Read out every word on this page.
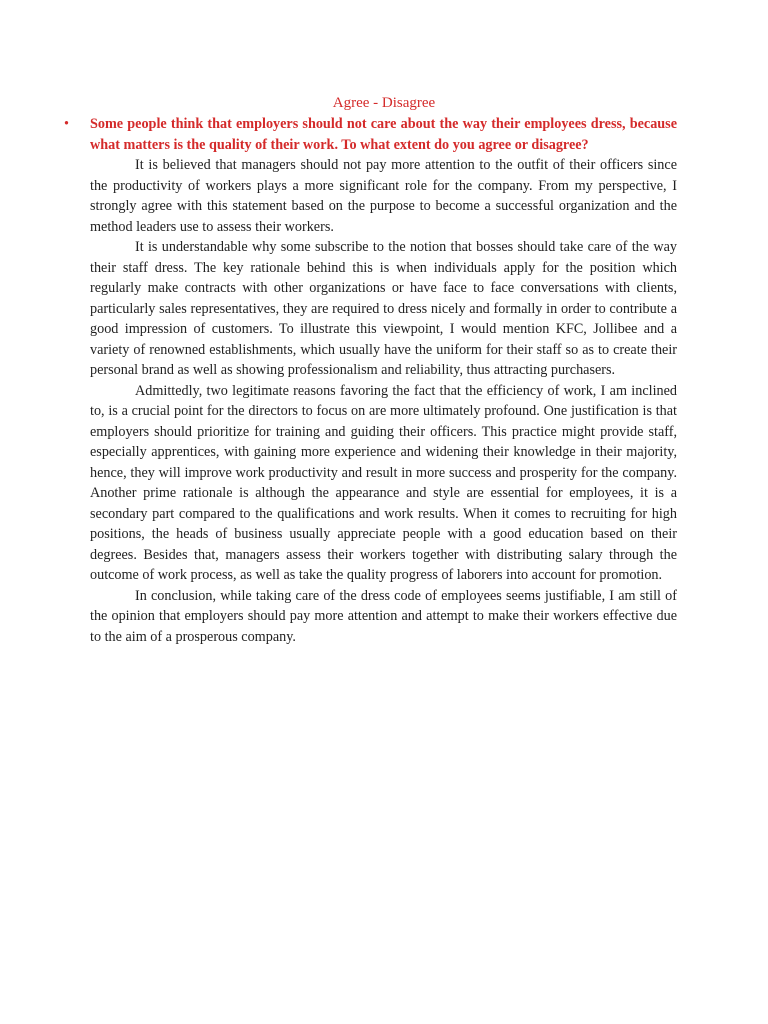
Agree - Disagree
• Some people think that employers should not care about the way their employees dress, because what matters is the quality of their work. To what extent do you agree or disagree?

It is believed that managers should not pay more attention to the outfit of their officers since the productivity of workers plays a more significant role for the company. From my perspective, I strongly agree with this statement based on the purpose to become a successful organization and the method leaders use to assess their workers.

It is understandable why some subscribe to the notion that bosses should take care of the way their staff dress. The key rationale behind this is when individuals apply for the position which regularly make contracts with other organizations or have face to face conversations with clients, particularly sales representatives, they are required to dress nicely and formally in order to contribute a good impression of customers. To illustrate this viewpoint, I would mention KFC, Jollibee and a variety of renowned establishments, which usually have the uniform for their staff so as to create their personal brand as well as showing professionalism and reliability, thus attracting purchasers.

Admittedly, two legitimate reasons favoring the fact that the efficiency of work, I am inclined to, is a crucial point for the directors to focus on are more ultimately profound. One justification is that employers should prioritize for training and guiding their officers. This practice might provide staff, especially apprentices, with gaining more experience and widening their knowledge in their majority, hence, they will improve work productivity and result in more success and prosperity for the company. Another prime rationale is although the appearance and style are essential for employees, it is a secondary part compared to the qualifications and work results. When it comes to recruiting for high positions, the heads of business usually appreciate people with a good education based on their degrees. Besides that, managers assess their workers together with distributing salary through the outcome of work process, as well as take the quality progress of laborers into account for promotion.

In conclusion, while taking care of the dress code of employees seems justifiable, I am still of the opinion that employers should pay more attention and attempt to make their workers effective due to the aim of a prosperous company.
